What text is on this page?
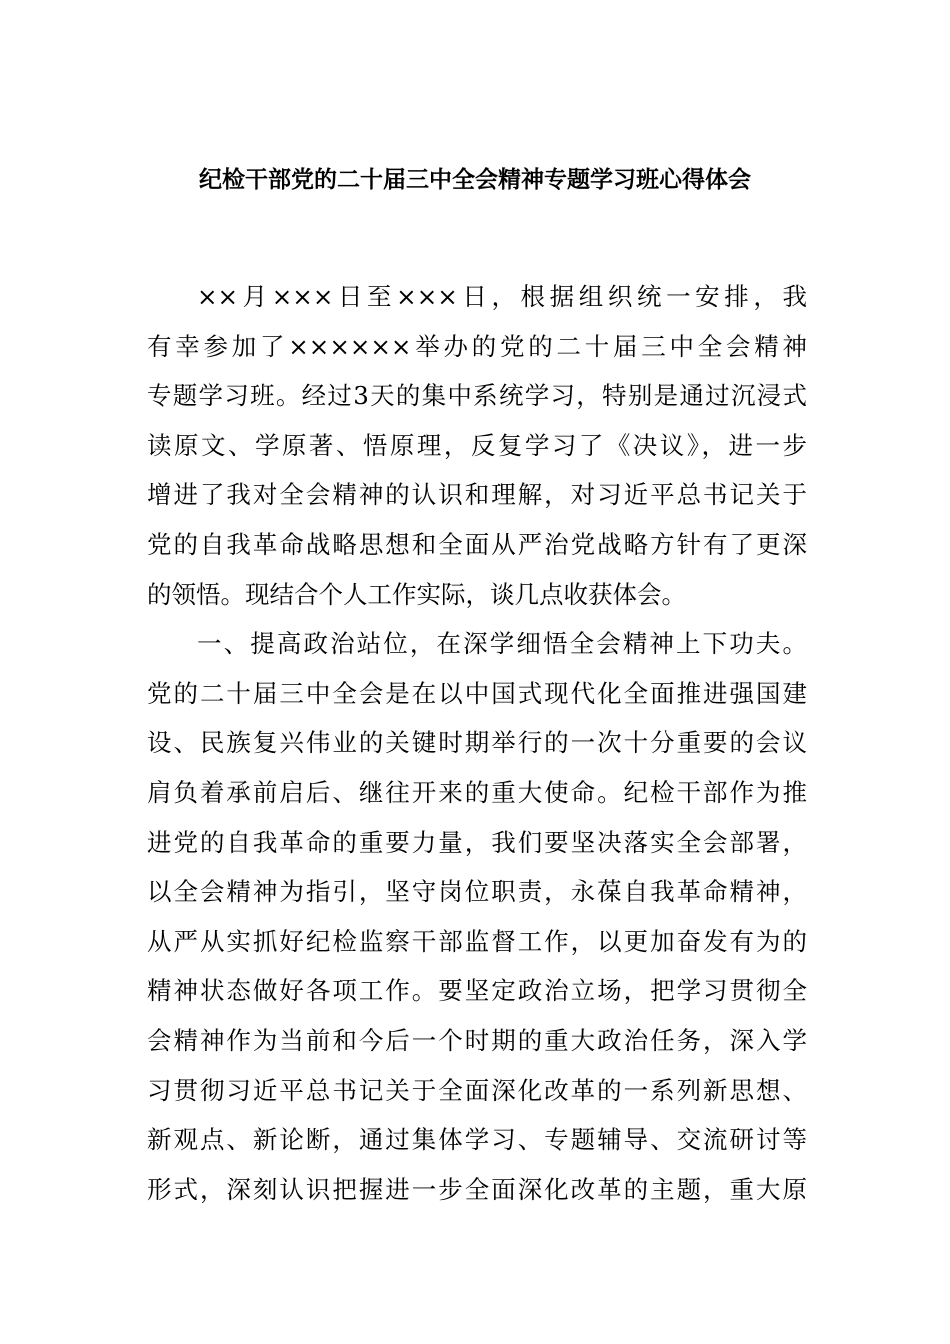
纪检干部党的二十届三中全会精神专题学习班心得体会
××月×××日至×××日，根据组织统一安排，我
有幸参加了××××××举办的党的二十届三中全会精神
专题学习班。经过3天的集中系统学习，特别是通过沉浸式
读原文、学原著、悟原理，反复学习了《决议》，进一步
增进了我对全会精神的认识和理解，对习近平总书记关于
党的自我革命战略思想和全面从严治党战略方针有了更深
的领悟。现结合个人工作实际，谈几点收获体会。
一、提高政治站位，在深学细悟全会精神上下功夫。
党的二十届三中全会是在以中国式现代化全面推进强国建
设、民族复兴伟业的关键时期举行的一次十分重要的会议
肩负着承前启后、继往开来的重大使命。纪检干部作为推
进党的自我革命的重要力量，我们要坚决落实全会部署，
以全会精神为指引，坚守岗位职责，永葆自我革命精神，
从严从实抓好纪检监察干部监督工作，以更加奋发有为的
精神状态做好各项工作。要坚定政治立场，把学习贯彻全
会精神作为当前和今后一个时期的重大政治任务，深入学
习贯彻习近平总书记关于全面深化改革的一系列新思想、
新观点、新论断，通过集体学习、专题辅导、交流研讨等
形式，深刻认识把握进一步全面深化改革的主题，重大原
